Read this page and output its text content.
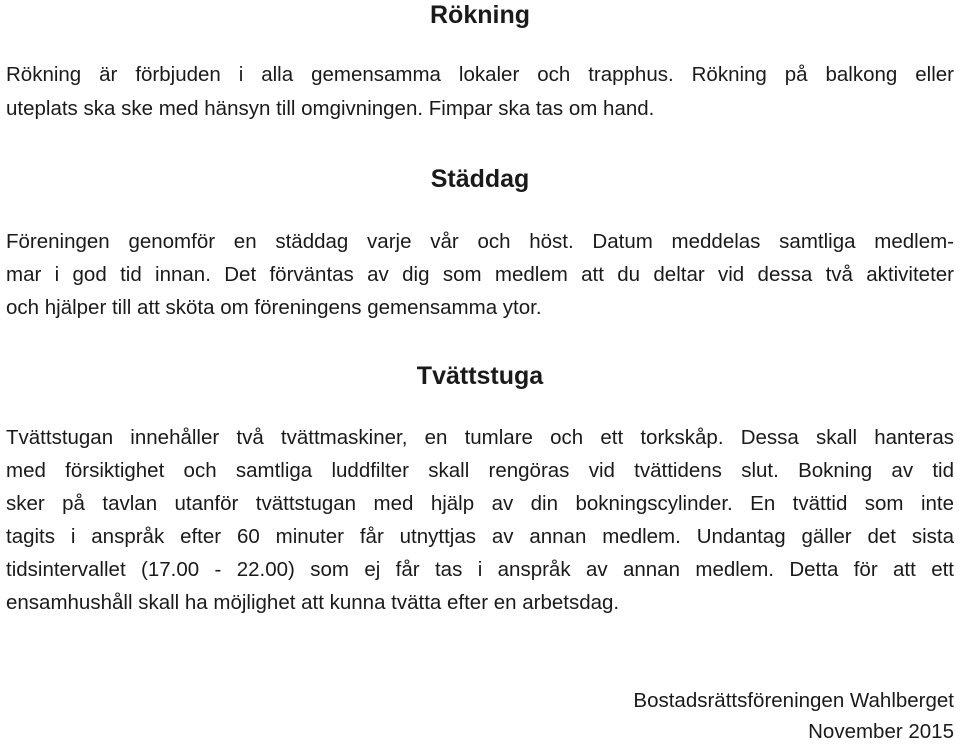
Rökning

Rökning är förbjuden i alla gemensamma lokaler och trapphus. Rökning på balkong eller

uteplats ska ske med hänsyn till omgivningen. Fimpar ska tas om hand.

Städdag

Föreningen genomför en städdag varje vår och höst. Datum meddelas samtliga medlem-

mar i god tid innan. Det förväntas av dig som medlem att du deltar vid dessa två aktiviteter

och hjälper till att sköta om föreningens gemensamma ytor.

Tvättstuga

Tvättstugan innehåller två tvättmaskiner, en tumlare och ett torkskåp. Dessa skall hanteras

med försiktighet och samtliga luddfilter skall rengöras vid tvättidens slut. Bokning av tid

sker på tavlan utanför tvättstugan med hjälp av din bokningscylinder. En tvättid som inte

tagits i anspråk efter 60 minuter får utnyttjas av annan medlem. Undantag gäller det sista

tidsintervallet (17.00 - 22.00) som ej får tas i anspråk av annan medlem. Detta för att ett

ensamhushåll skall ha möjlighet att kunna tvätta efter en arbetsdag.

Bostadsrättsföreningen Wahlberget
November 2015
